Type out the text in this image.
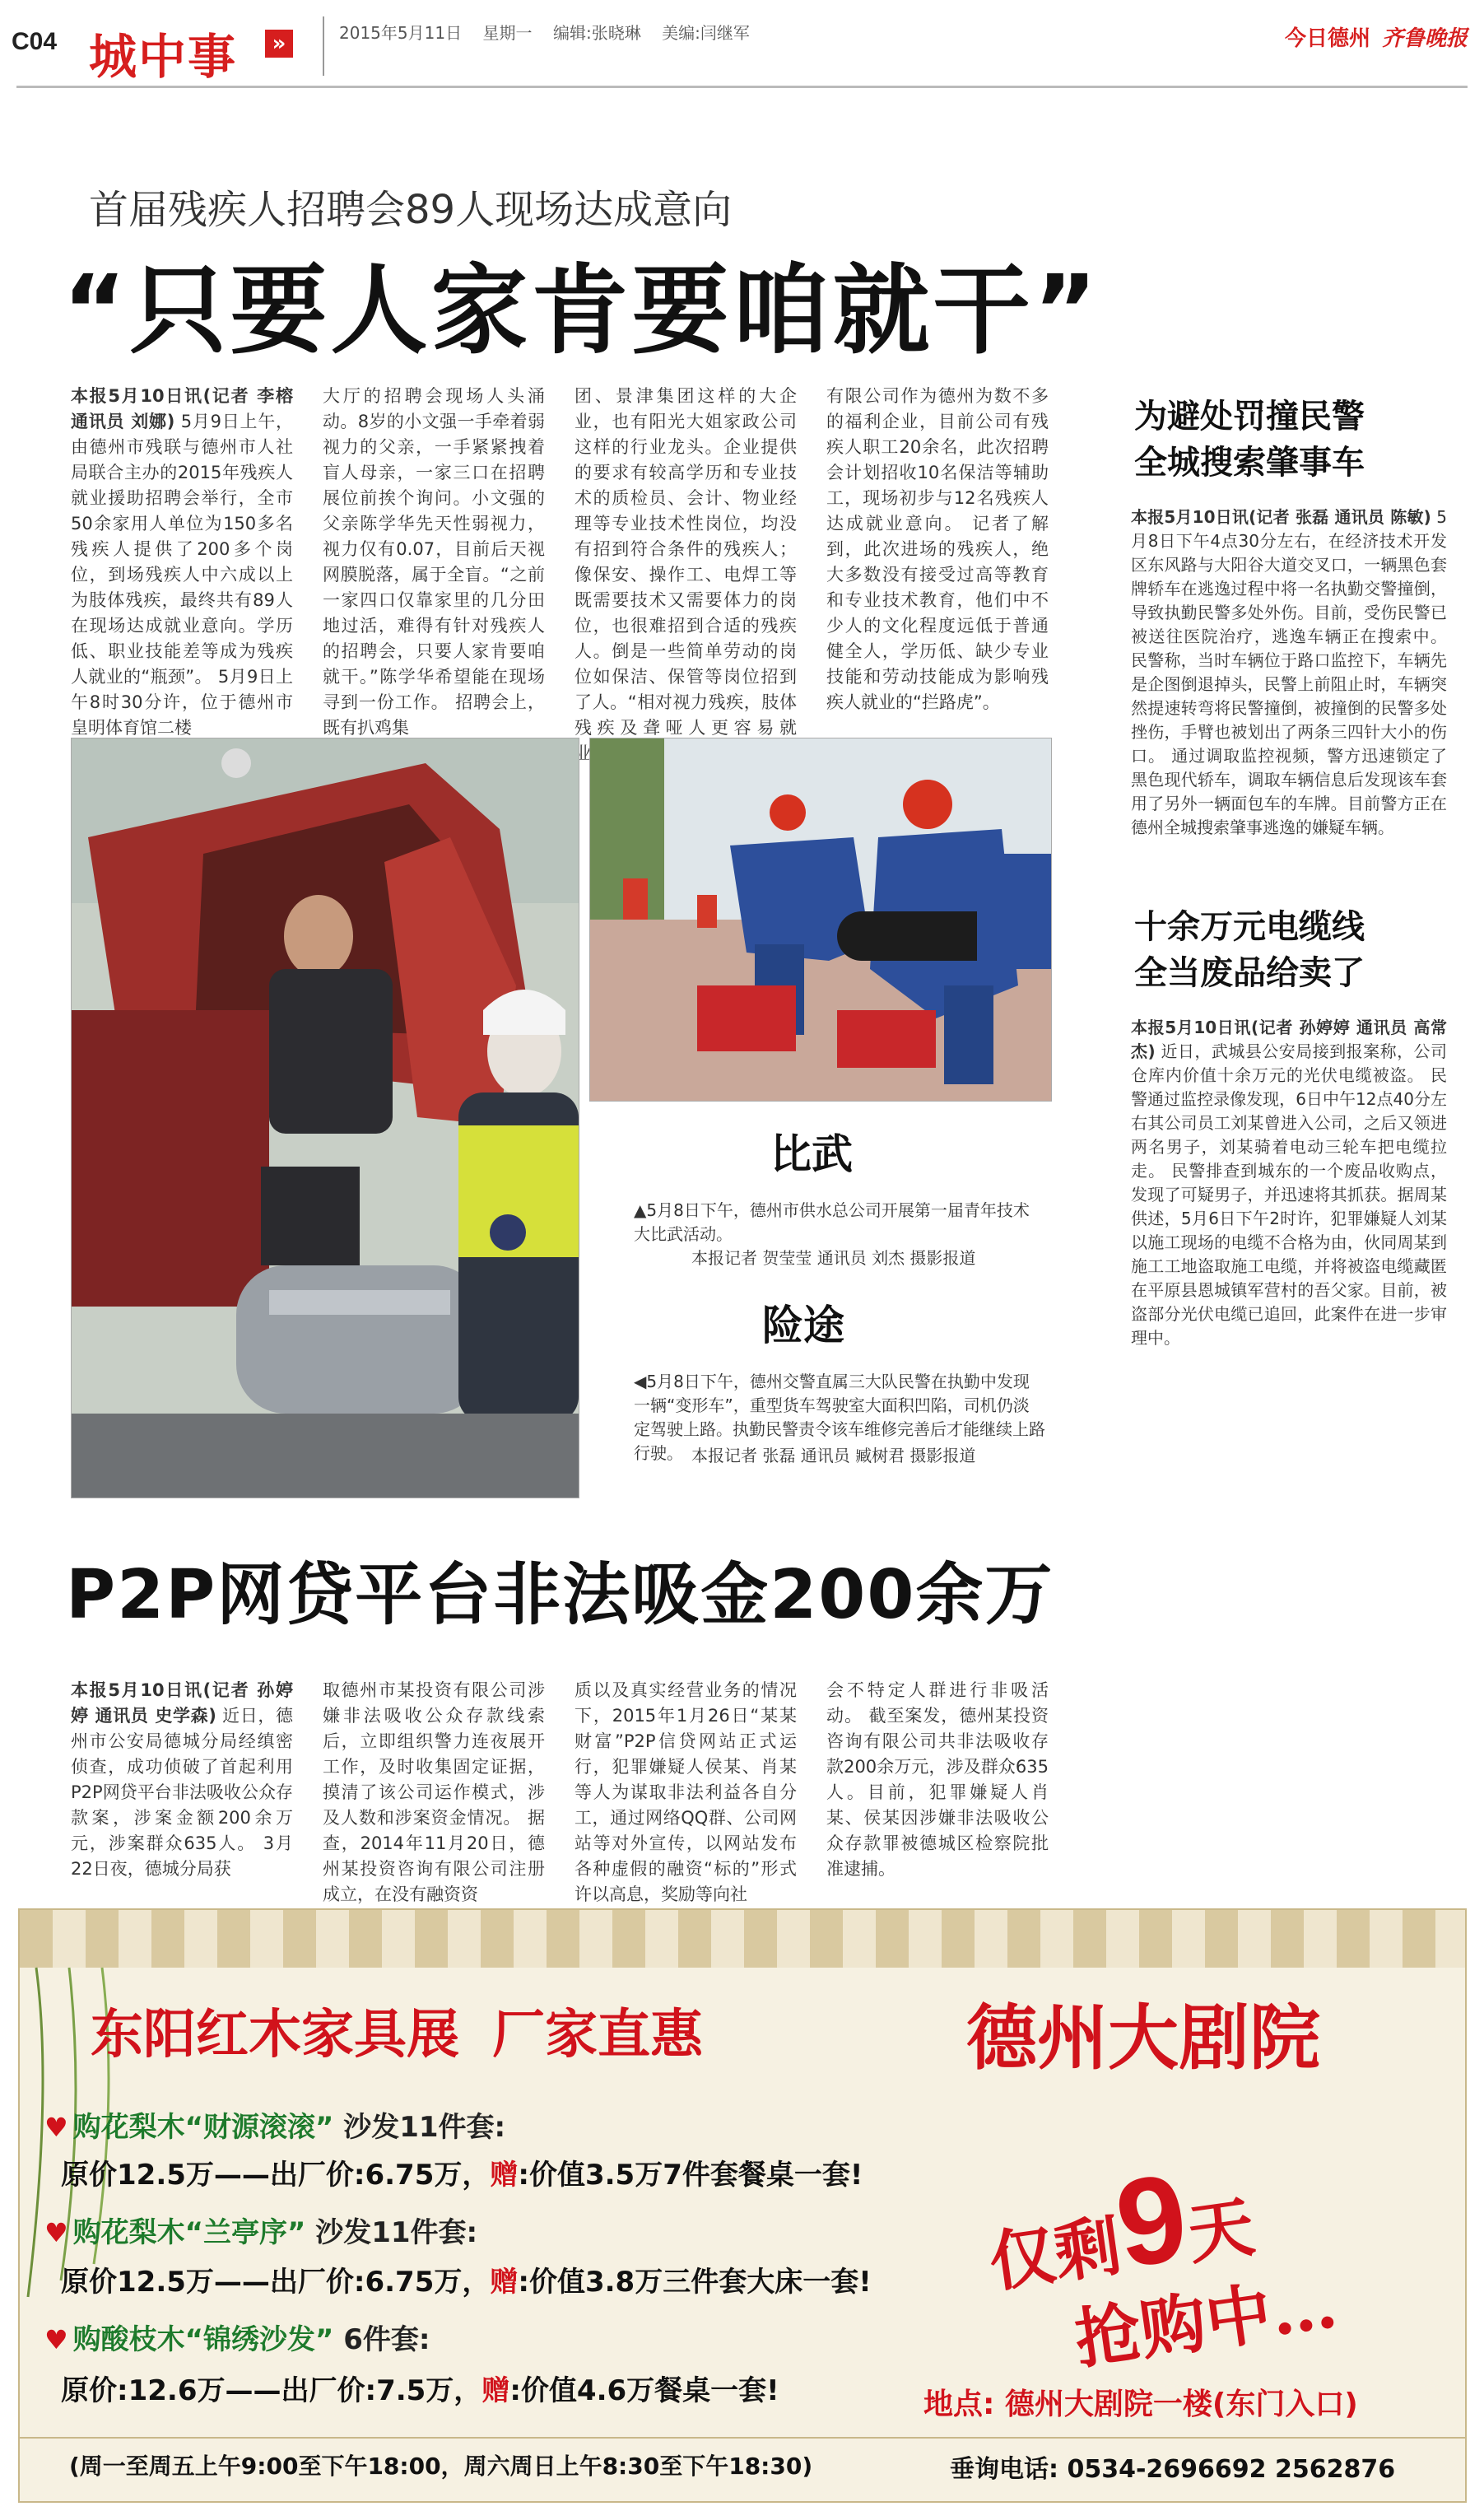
C04 城中事	»	2015年5月11日 星期一 编辑:张晓琳 美编:闫继军	今日德州 齐鲁晚报
首届残疾人招聘会89人现场达成意向
“只要人家肯要咱就干”
本报5月10日讯(记者 李榕 通讯员 刘娜) 5月9日上午，由德州市残联与德州市人社局联合主办的2015年残疾人就业援助招聘会举行，全市50余家用人单位为150多名残疾人提供了200多个岗位，到场残疾人中六成以上为肢体残疾，最终共有89人在现场达成就业意向。学历低、职业技能差等成为残疾人就业的“瓶颈”。 5月9日上午8时30分许，位于德州市皇明体育馆二楼
大厅的招聘会现场人头涌动。8岁的小文强一手牵着弱视力的父亲，一手紧紧拽着盲人母亲，一家三口在招聘展位前挨个询问。小文强的父亲陈学华先天性弱视力，视力仅有0.07，目前后天视网膜脱落，属于全盲。“之前一家四口仅靠家里的几分田地过活，难得有针对残疾人的招聘会，只要人家肯要咱就干。”陈学华希望能在现场寻到一份工作。 招聘会上，既有扒鸡集
团、景津集团这样的大企业，也有阳光大姐家政公司这样的行业龙头。企业提供的要求有较高学历和专业技术的质检员、会计、物业经理等专业技术性岗位，均没有招到符合条件的残疾人；像保安、操作工、电焊工等既需要技术又需要体力的岗位，也很难招到合适的残疾人。倒是一些简单劳动的岗位如保洁、保管等岗位招到了人。“相对视力残疾，肢体残疾及聋哑人更容易就业
有限公司作为德州为数不多的福利企业，目前公司有残疾人职工20余名，此次招聘会计划招收10名保洁等辅助工，现场初步与12名残疾人达成就业意向。 记者了解到，此次进场的残疾人，绝大多数没有接受过高等教育和专业技术教育，他们中不少人的文化程度远低于普通健全人，学历低、缺少专业技能和劳动技能成为影响残疾人就业的“拦路虎”。
为避处罚撞民警
全城搜索肇事车
本报5月10日讯(记者 张磊 通讯员 陈敏) 5月8日下午4点30分左右，在经济技术开发区东风路与大阳谷大道交叉口，一辆黑色套牌轿车在逃逸过程中将一名执勤交警撞倒，导致执勤民警多处外伤。目前，受伤民警已被送往医院治疗，逃逸车辆正在搜索中。 民警称，当时车辆位于路口监控下，车辆先是企图倒退掉头，民警上前阻止时，车辆突然提速转弯将民警撞倒，被撞倒的民警多处挫伤，手臂也被划出了两条三四针大小的伤口。 通过调取监控视频，警方迅速锁定了黑色现代轿车，调取车辆信息后发现该车套用了另外一辆面包车的车牌。目前警方正在德州全城搜索肇事逃逸的嫌疑车辆。
十余万元电缆线
全当废品给卖了
本报5月10日讯(记者 孙婷婷 通讯员 高常杰) 近日，武城县公安局接到报案称，公司仓库内价值十余万元的光伏电缆被盗。 民警通过监控录像发现，6日中午12点40分左右其公司员工刘某曾进入公司，之后又领进两名男子，刘某骑着电动三轮车把电缆拉走。 民警排查到城东的一个废品收购点，发现了可疑男子，并迅速将其抓获。据周某供述，5月6日下午2时许，犯罪嫌疑人刘某以施工现场的电缆不合格为由，伙同周某到施工工地盗取施工电缆，并将被盗电缆藏匿在平原县恩城镇军营村的吾父家。目前，被盗部分光伏电缆已追回，此案件在进一步审理中。
比武
▲5月8日下午，德州市供水总公司开展第一届青年技术大比武活动。
本报记者 贺莹莹 通讯员 刘杰 摄影报道
险途
◀5月8日下午，德州交警直属三大队民警在执勤中发现一辆“变形车”，重型货车驾驶室大面积凹陷，司机仍淡定驾驶上路。执勤民警责令该车维修完善后才能继续上路行驶。 本报记者 张磊 通讯员 臧树君 摄影报道
P2P网贷平台非法吸金200余万
本报5月10日讯(记者 孙婷婷 通讯员 史学森) 近日，德州市公安局德城分局经缜密侦查，成功侦破了首起利用P2P网贷平台非法吸收公众存款案，涉案金额200余万元，涉案群众635人。 3月22日夜，德城分局获
取德州市某投资有限公司涉嫌非法吸收公众存款线索后，立即组织警力连夜展开工作，及时收集固定证据，摸清了该公司运作模式，涉及人数和涉案资金情况。 据查，2014年11月20日，德州某投资咨询有限公司注册成立，在没有融资资
质以及真实经营业务的情况下，2015年1月26日“某某财富”P2P信贷网站正式运行，犯罪嫌疑人侯某、肖某等人为谋取非法利益各自分工，通过网络QQ群、公司网站等对外宣传，以网站发布各种虚假的融资“标的”形式许以高息，奖励等向社
会不特定人群进行非吸活动。 截至案发，德州某投资咨询有限公司共非法吸收存款200余万元，涉及群众635人。目前，犯罪嫌疑人肖某、侯某因涉嫌非法吸收公众存款罪被德城区检察院批准逮捕。
东阳红木家具展 厂家直惠	德州大剧院
♥ 购花梨木“财源滚滚” 沙发11件套:
原价12.5万——出厂价:6.75万，赠:价值3.5万7件套餐桌一套!
♥ 购花梨木“兰亭序” 沙发11件套:
原价12.5万——出厂价:6.75万，赠:价值3.8万三件套大床一套!
♥ 购酸枝木“锦绣沙发” 6件套:
原价:12.6万——出厂价:7.5万，赠:价值4.6万餐桌一套!
仅剩9天
抢购中…
地点: 德州大剧院一楼(东门入口)
(周一至周五上午9:00至下午18:00，周六周日上午8:30至下午18:30)	垂询电话: 0534-2696692 2562876
